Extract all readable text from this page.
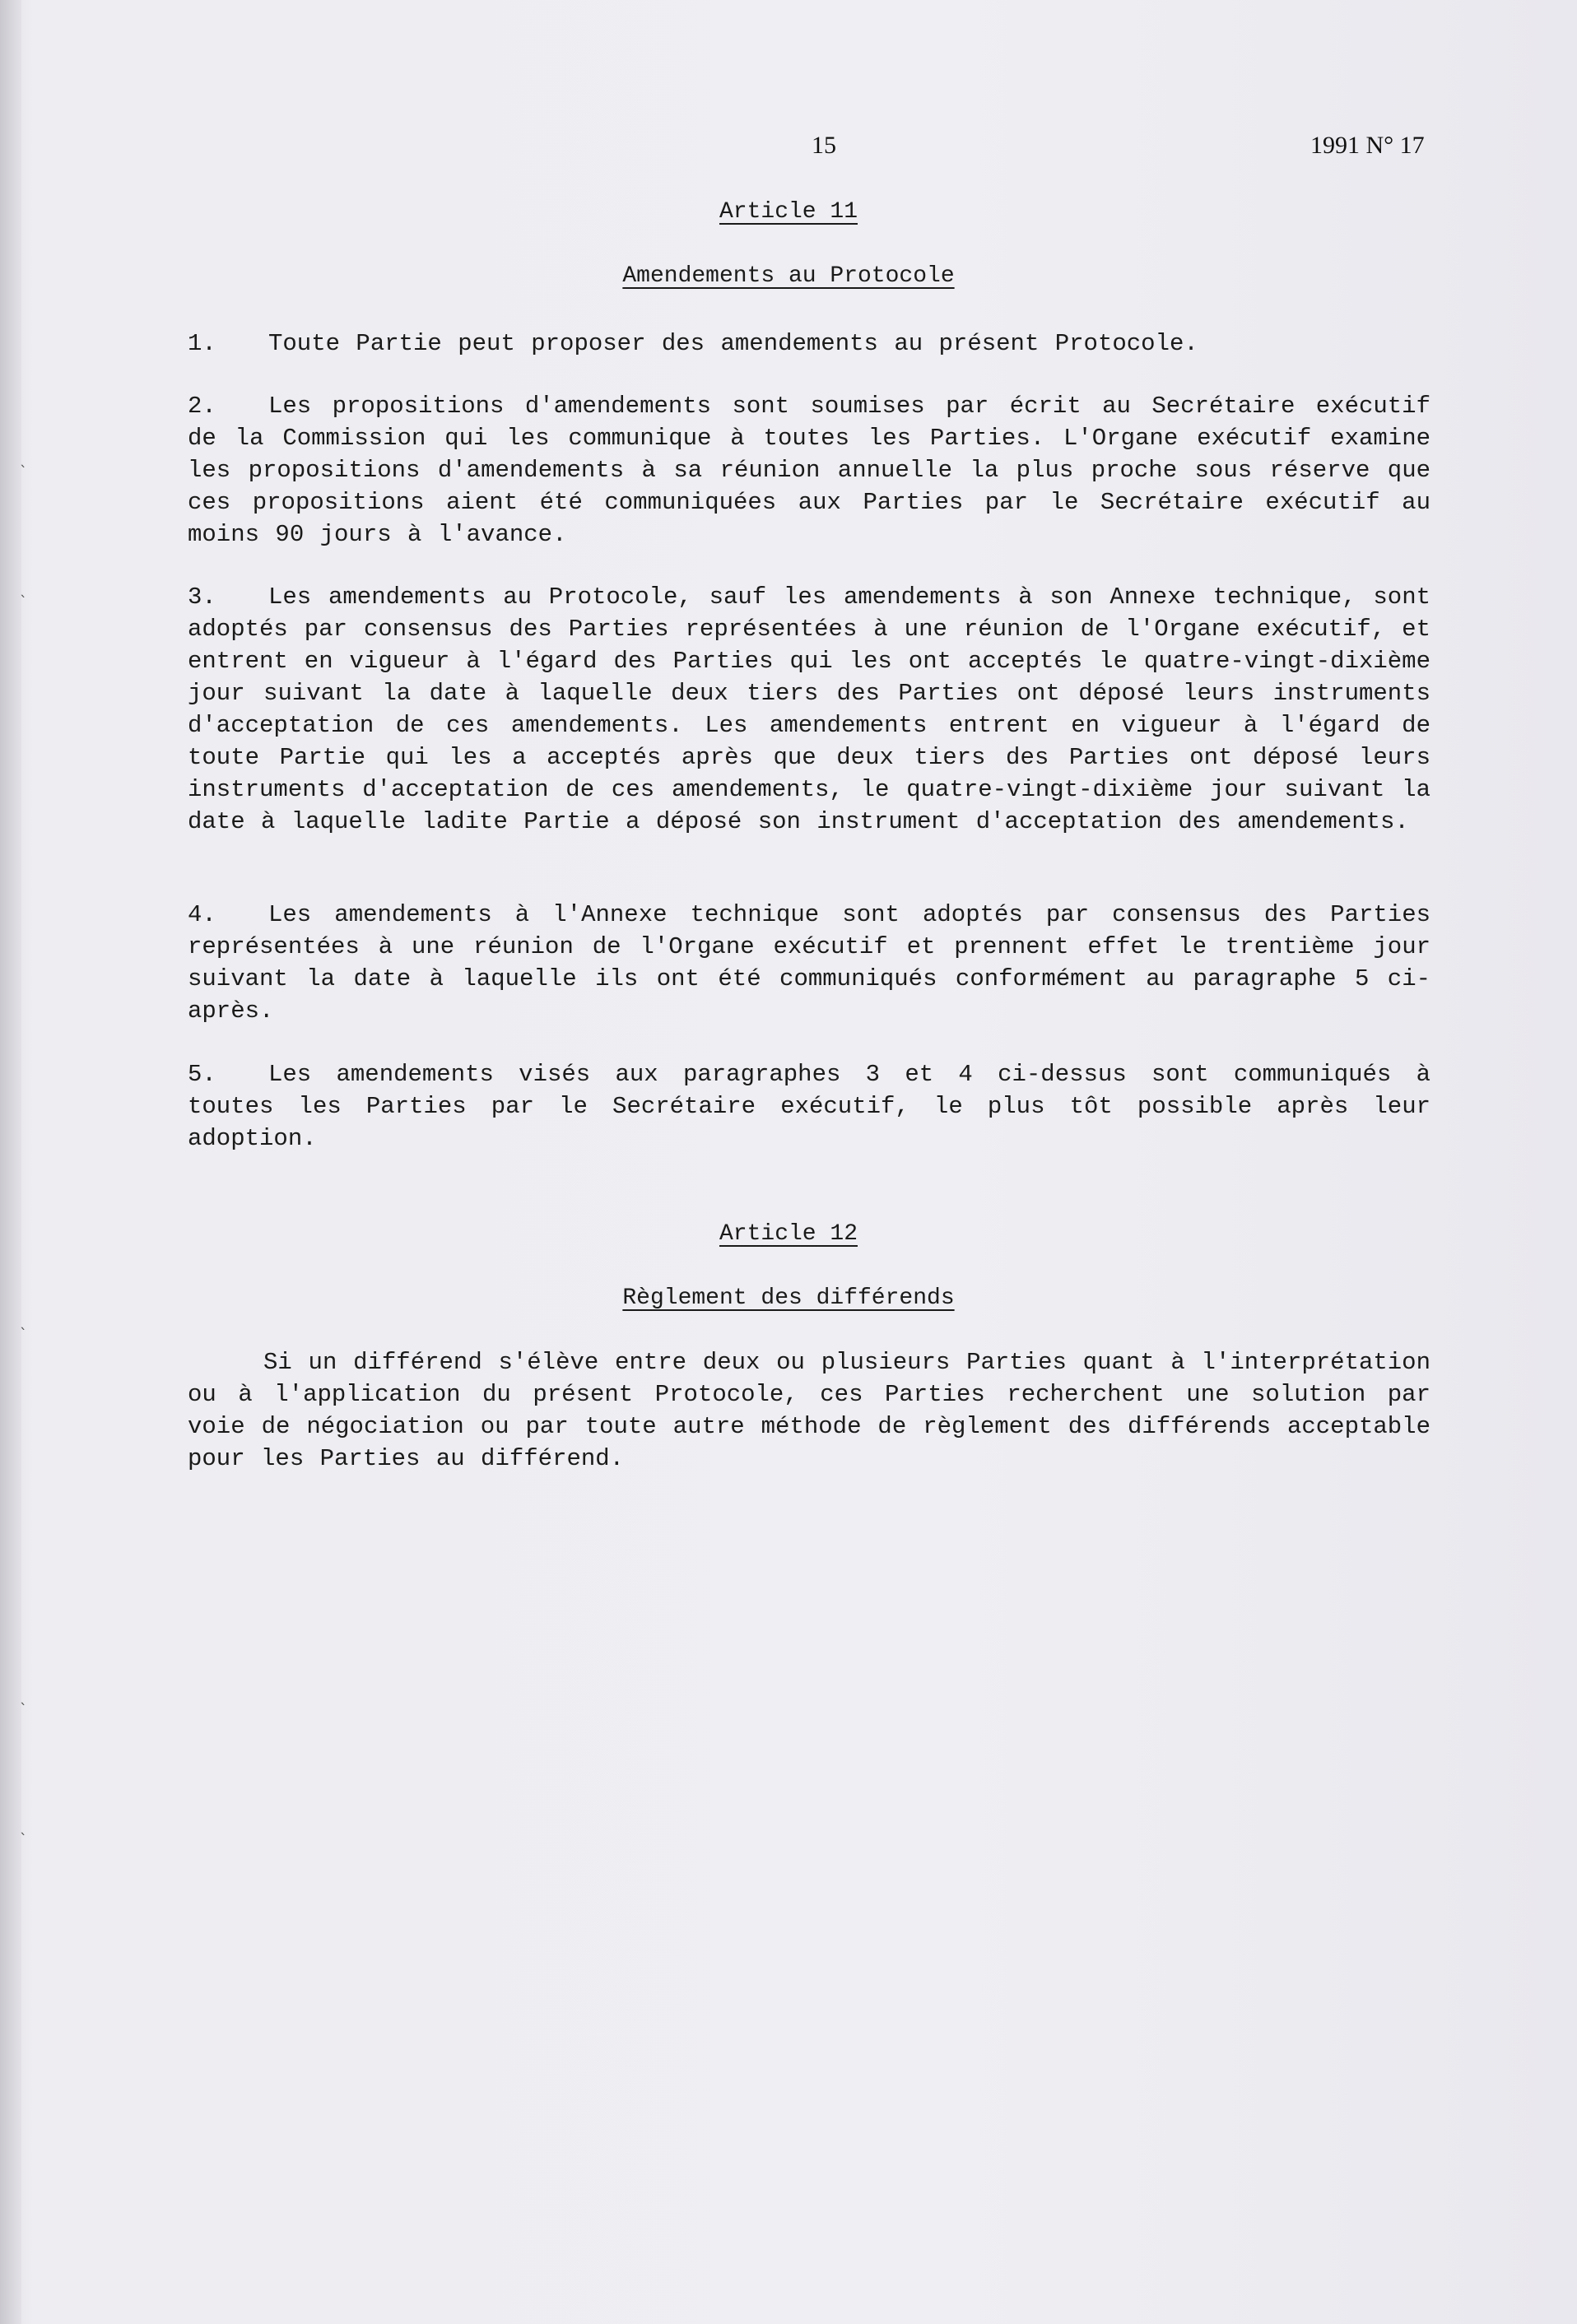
ˎ
ˎ
ˎ
ˎ
ˎ
15	1991 N° 17
Article 11
Amendements au Protocole

1. Toute Partie peut proposer des amendements au présent Protocole.

2. Les propositions d'amendements sont soumises par écrit au Secrétaire exécutif de la Commission qui les communique à toutes les Parties. L'Organe exécutif examine les propositions d'amendements à sa réunion annuelle la plus proche sous réserve que ces propositions aient été communiquées aux Parties par le Secrétaire exécutif au moins 90 jours à l'avance.

3. Les amendements au Protocole, sauf les amendements à son Annexe technique, sont adoptés par consensus des Parties représentées à une réunion de l'Organe exécutif, et entrent en vigueur à l'égard des Parties qui les ont acceptés le quatre-vingt-dixième jour suivant la date à laquelle deux tiers des Parties ont déposé leurs instruments d'acceptation de ces amendements. Les amendements entrent en vigueur à l'égard de toute Partie qui les a acceptés après que deux tiers des Parties ont déposé leurs instruments d'acceptation de ces amendements, le quatre-vingt-dixième jour suivant la date à laquelle ladite Partie a déposé son instrument d'acceptation des amendements.

4. Les amendements à l'Annexe technique sont adoptés par consensus des Parties représentées à une réunion de l'Organe exécutif et prennent effet le trentième jour suivant la date à laquelle ils ont été communiqués conformément au paragraphe 5 ci-après.

5. Les amendements visés aux paragraphes 3 et 4 ci-dessus sont communiqués à toutes les Parties par le Secrétaire exécutif, le plus tôt possible après leur adoption.

Article 12
Règlement des différends

Si un différend s'élève entre deux ou plusieurs Parties quant à l'interprétation ou à l'application du présent Protocole, ces Parties recherchent une solution par voie de négociation ou par toute autre méthode de règlement des différends acceptable pour les Parties au différend.
